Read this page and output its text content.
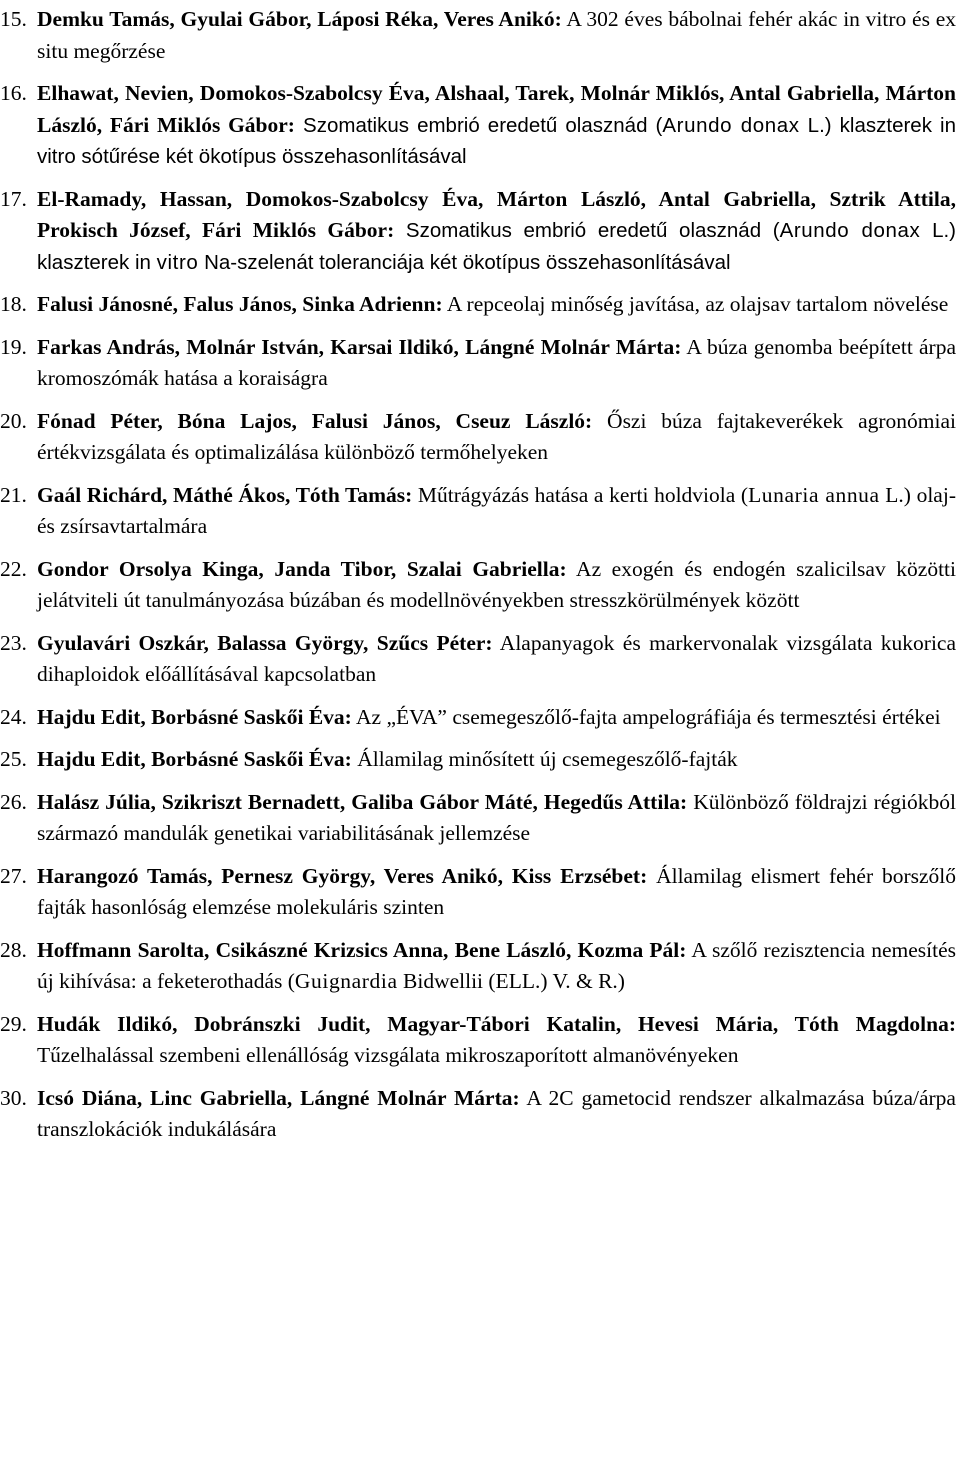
15. Demku Tamás, Gyulai Gábor, Láposi Réka, Veres Anikó: A 302 éves bábolnai fehér akác in vitro és ex situ megőrzése
16. Elhawat, Nevien, Domokos-Szabolcsy Éva, Alshaal, Tarek, Molnár Miklós, Antal Gabriella, Márton László, Fári Miklós Gábor: Szomatikus embrió eredetű olasznád (Arundo donax L.) klaszterek in vitro sótűrése két ökotípus összehasonlításával
17. El-Ramady, Hassan, Domokos-Szabolcsy Éva, Márton László, Antal Gabriella, Sztrik Attila, Prokisch József, Fári Miklós Gábor: Szomatikus embrió eredetű olasznád (Arundo donax L.) klaszterek in vitro Na-szelenát toleranciája két ökotípus összehasonlításával
18. Falusi Jánosné, Falus János, Sinka Adrienn: A repceolaj minőség javítása, az olajsav tartalom növelése
19. Farkas András, Molnár István, Karsai Ildikó, Lángné Molnár Márta: A búza genomba beépített árpa kromoszómák hatása a koraiságra
20. Fónad Péter, Bóna Lajos, Falusi János, Cseuz László: Őszi búza fajtakeverékek agronómiai értékvizsgálata és optimalizálása különböző termőhelyeken
21. Gaál Richárd, Máthé Ákos, Tóth Tamás: Műtrágyázás hatása a kerti holdviola (Lunaria annua L.) olaj- és zsírsavtartalmára
22. Gondor Orsolya Kinga, Janda Tibor, Szalai Gabriella: Az exogén és endogén szalicilsav közötti jelátviteli út tanulmányozása búzában és modellnövényekben stresszkörülmények között
23. Gyulavári Oszkár, Balassa György, Szűcs Péter: Alapanyagok és markervonalak vizsgálata kukorica dihaploidok előállításával kapcsolatban
24. Hajdu Edit, Borbásné Saskői Éva: Az „ÉVA” csemegeszőlő-fajta ampelográfiája és termesztési értékei
25. Hajdu Edit, Borbásné Saskői Éva: Államilag minősített új csemegeszőlő-fajták
26. Halász Júlia, Szikriszt Bernadett, Galiba Gábor Máté, Hegedűs Attila: Különböző földrajzi régiókból származó mandulák genetikai variabilitásának jellemzése
27. Harangozó Tamás, Pernesz György, Veres Anikó, Kiss Erzsébet: Államilag elismert fehér borszőlő fajták hasonlóság elemzése molekuláris szinten
28. Hoffmann Sarolta, Csikászné Krizsics Anna, Bene László, Kozma Pál: A szőlő rezisztencia nemesítés új kihívása: a feketerothadás (Guignardia Bidwellii (ELL.) V. & R.)
29. Hudák Ildikó, Dobránszki Judit, Magyar-Tábori Katalin, Hevesi Mária, Tóth Magdolna: Tűzelhalással szembeni ellenállóság vizsgálata mikroszaporított almanövényeken
30. Icsó Diána, Linc Gabriella, Lángné Molnár Márta: A 2C gametocid rendszer alkalmazása búza/árpa transzlokációk indukálására
